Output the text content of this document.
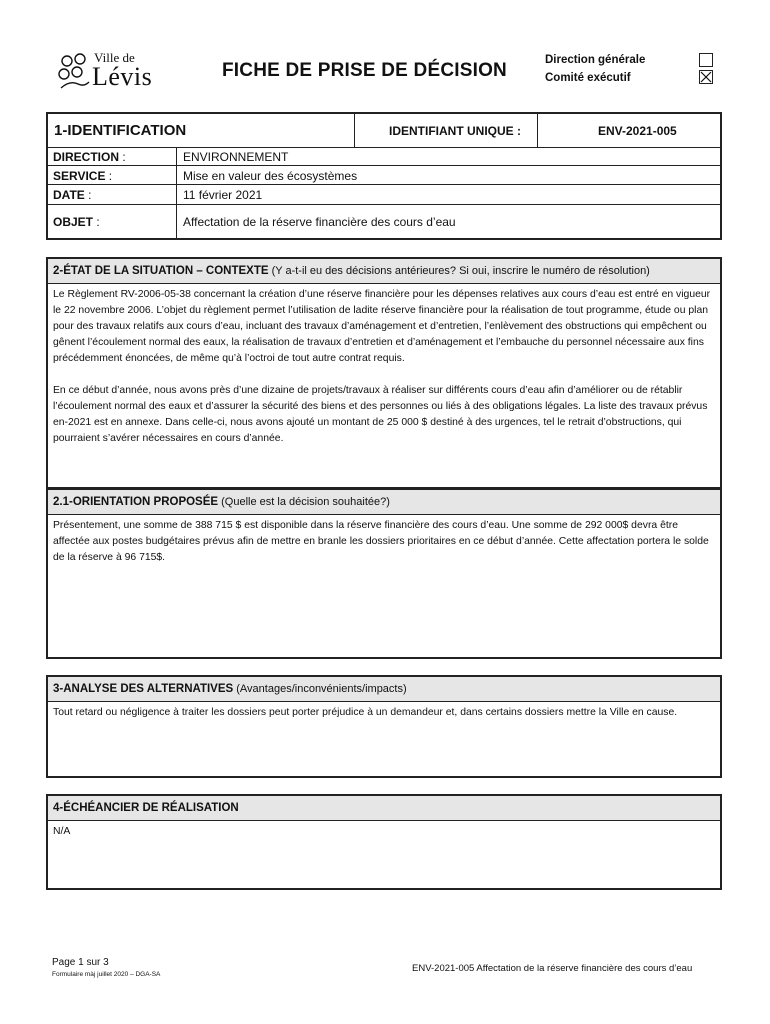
Ville de
Lévis	FICHE DE PRISE DE DÉCISION	Direction générale
Comité exécutif
1-IDENTIFICATION	IDENTIFIANT UNIQUE :	ENV-2021-005
DIRECTION :	ENVIRONNEMENT
SERVICE :	Mise en valeur des écosystèmes
DATE :	11 février 2021
OBJET :	Affectation de la réserve financière des cours d’eau
2-ÉTAT DE LA SITUATION – CONTEXTE (Y a-t-il eu des décisions antérieures? Si oui, inscrire le numéro de résolution)

Le Règlement RV-2006-05-38 concernant la création d’une réserve financière pour les dépenses relatives aux cours d’eau est entré en vigueur le 22 novembre 2006. L’objet du règlement permet l’utilisation de ladite réserve financière pour la réalisation de tout programme, étude ou plan pour des travaux relatifs aux cours d’eau, incluant des travaux d’aménagement et d’entretien, l’enlèvement des obstructions qui empêchent ou gênent l’écoulement normal des eaux, la réalisation de travaux d’entretien et d’aménagement et l’embauche du personnel nécessaire aux fins précédemment énoncées, de même qu’à l’octroi de tout autre contrat requis.

En ce début d’année, nous avons près d’une dizaine de projets/travaux à réaliser sur différents cours d’eau afin d’améliorer ou de rétablir l’écoulement normal des eaux et d’assurer la sécurité des biens et des personnes ou liés à des obligations légales. La liste des travaux prévus en-2021 est en annexe. Dans celle-ci, nous avons ajouté un montant de 25 000 $ destiné à des urgences, tel le retrait d’obstructions, qui pourraient s’avérer nécessaires en cours d’année.

2.1-ORIENTATION PROPOSÉE (Quelle est la décision souhaitée?)

Présentement, une somme de 388 715 $ est disponible dans la réserve financière des cours d’eau. Une somme de 292 000$ devra être affectée aux postes budgétaires prévus afin de mettre en branle les dossiers prioritaires en ce début d’année. Cette affectation portera le solde de la réserve à 96 715$.

3-ANALYSE DES ALTERNATIVES (Avantages/inconvénients/impacts)

Tout retard ou négligence à traiter les dossiers peut porter préjudice à un demandeur et, dans certains dossiers mettre la Ville en cause.

4-ÉCHÉANCIER DE RÉALISATION

N/A

Page 1 sur 3
Formulaire màj juillet 2020 – DGA-SA
ENV-2021-005 Affectation de la réserve financière des cours d’eau
